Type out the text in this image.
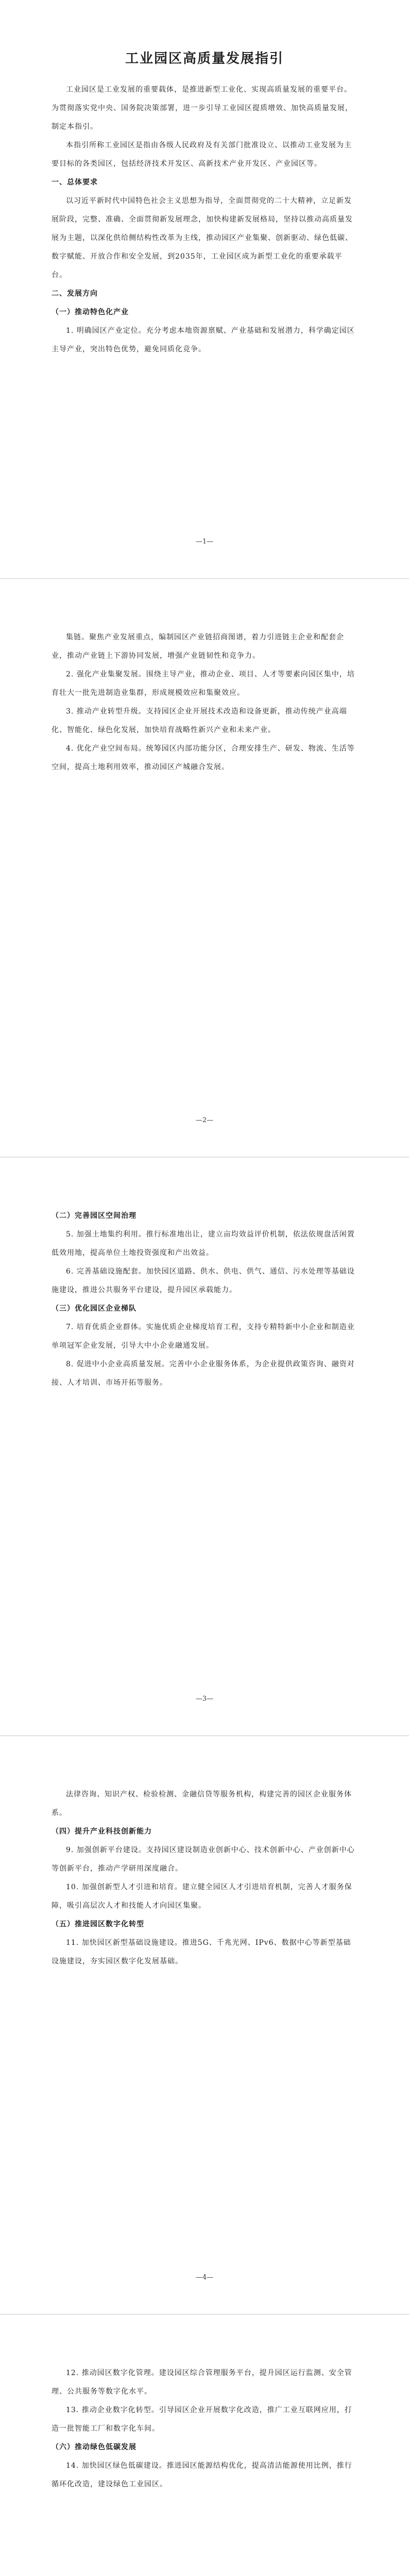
工业园区高质量发展指引
工业园区是工业发展的重要载体，是推进新型工业化、实现高质量发展的重要平台。为贯彻落实党中央、国务院决策部署，进一步引导工业园区提质增效、加快高质量发展，制定本指引。
本指引所称工业园区是指由各级人民政府及有关部门批准设立、以推动工业发展为主要目标的各类园区，包括经济技术开发区、高新技术产业开发区、产业园区等。
一、总体要求
以习近平新时代中国特色社会主义思想为指导，全面贯彻党的二十大精神，立足新发展阶段，完整、准确、全面贯彻新发展理念，加快构建新发展格局，坚持以推动高质量发展为主题，以深化供给侧结构性改革为主线，推动园区产业集聚、创新驱动、绿色低碳、数字赋能、开放合作和安全发展，到2035年，工业园区成为新型工业化的重要承载平台。
二、发展方向
（一）推动特色化产业
1. 明确园区产业定位。充分考虑本地资源禀赋、产业基础和发展潜力，科学确定园区主导产业，突出特色优势，避免同质化竞争。
—1—
集链。聚焦产业发展重点，编制园区产业链招商图谱，着力引进链主企业和配套企业，推动产业链上下游协同发展，增强产业链韧性和竞争力。
2. 强化产业集聚发展。围绕主导产业，推动企业、项目、人才等要素向园区集中，培育壮大一批先进制造业集群，形成规模效应和集聚效应。
3. 推动产业转型升级。支持园区企业开展技术改造和设备更新，推动传统产业高端化、智能化、绿色化发展，加快培育战略性新兴产业和未来产业。
4. 优化产业空间布局。统筹园区内部功能分区，合理安排生产、研发、物流、生活等空间，提高土地利用效率，推动园区产城融合发展。
—2—
（二）完善园区空间治理
5. 加强土地集约利用。推行标准地出让，建立亩均效益评价机制，依法依规盘活闲置低效用地，提高单位土地投资强度和产出效益。
6. 完善基础设施配套。加快园区道路、供水、供电、供气、通信、污水处理等基础设施建设，推进公共服务平台建设，提升园区承载能力。
（三）优化园区企业梯队
7. 培育优质企业群体。实施优质企业梯度培育工程，支持专精特新中小企业和制造业单项冠军企业发展，引导大中小企业融通发展。
8. 促进中小企业高质量发展。完善中小企业服务体系，为企业提供政策咨询、融资对接、人才培训、市场开拓等服务。
—3—
法律咨询、知识产权、检验检测、金融信贷等服务机构，构建完善的园区企业服务体系。
（四）提升产业科技创新能力
9. 加强创新平台建设。支持园区建设制造业创新中心、技术创新中心、产业创新中心等创新平台，推动产学研用深度融合。
10. 加强创新型人才引进和培育。建立健全园区人才引进培育机制，完善人才服务保障，吸引高层次人才和技能人才向园区集聚。
（五）推进园区数字化转型
11. 加快园区新型基础设施建设。推进5G、千兆光网、IPv6、数据中心等新型基础设施建设，夯实园区数字化发展基础。
—4—
12. 推动园区数字化管理。建设园区综合管理服务平台，提升园区运行监测、安全管理、公共服务等数字化水平。
13. 推动企业数字化转型。引导园区企业开展数字化改造，推广工业互联网应用，打造一批智能工厂和数字化车间。
（六）推动绿色低碳发展
14. 加快园区绿色低碳建设。推进园区能源结构优化，提高清洁能源使用比例，推行循环化改造，建设绿色工业园区。
